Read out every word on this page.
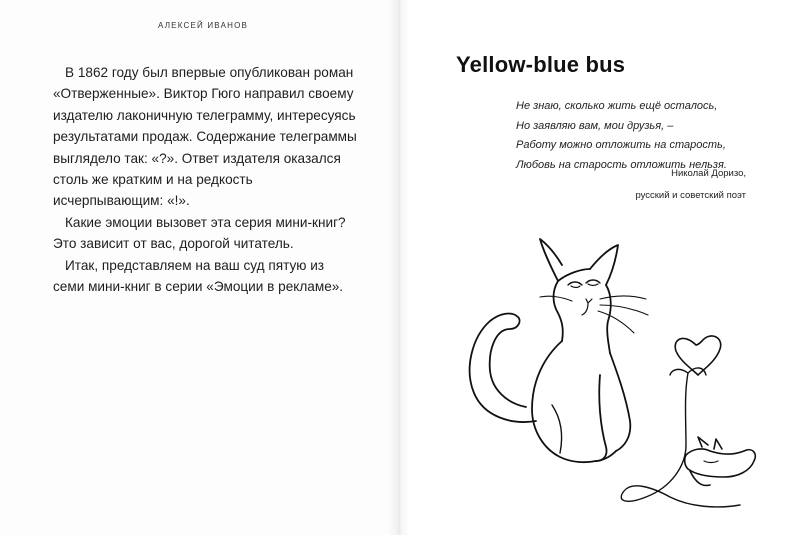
АЛЕКСЕЙ ИВАНОВ

В 1862 году был впервые опубликован роман «Отверженные». Виктор Гюго направил своему издателю лаконичную телеграмму, интересуясь результатами продаж. Содержание телеграммы выглядело так: «?». Ответ издателя оказался столь же кратким и на редкость исчерпывающим: «!».

Какие эмоции вызовет эта серия мини-книг? Это зависит от вас, дорогой читатель.

Итак, представляем на ваш суд пятую из семи мини-книг в серии «Эмоции в рекламе».

Yellow-blue bus
Не знаю, сколько жить ещё осталось,
Но заявляю вам, мои друзья, –
Работу можно отложить на старость,
Любовь на старость отложить нельзя.
Николай Доризо,
русский и советский поэт
